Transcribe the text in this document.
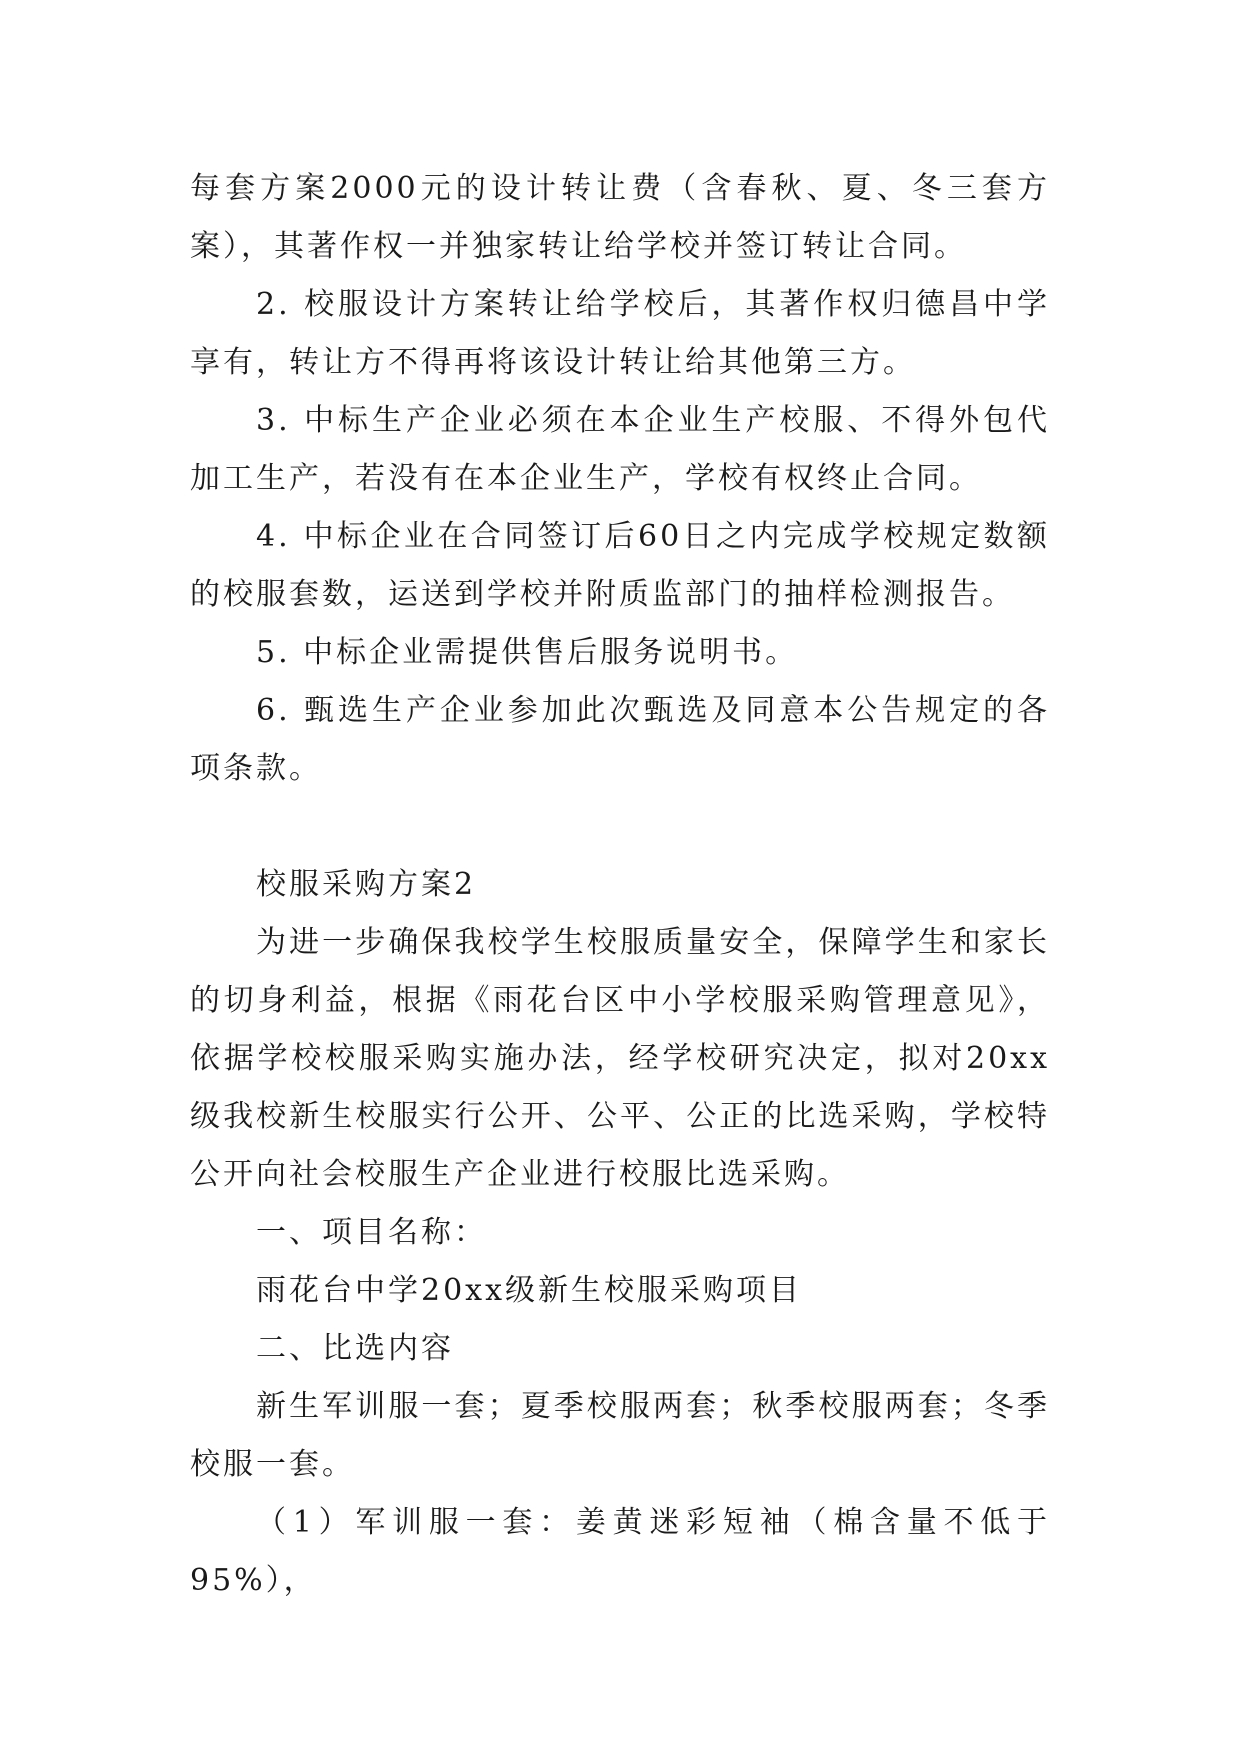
每套方案2000元的设计转让费（含春秋、夏、冬三套方案），其著作权一并独家转让给学校并签订转让合同。

2. 校服设计方案转让给学校后，其著作权归德昌中学享有，转让方不得再将该设计转让给其他第三方。

3. 中标生产企业必须在本企业生产校服、不得外包代加工生产，若没有在本企业生产，学校有权终止合同。

4. 中标企业在合同签订后60日之内完成学校规定数额的校服套数，运送到学校并附质监部门的抽样检测报告。

5. 中标企业需提供售后服务说明书。

6. 甄选生产企业参加此次甄选及同意本公告规定的各项条款。

校服采购方案2

为进一步确保我校学生校服质量安全，保障学生和家长的切身利益，根据《雨花台区中小学校服采购管理意见》，依据学校校服采购实施办法，经学校研究决定，拟对20xx级我校新生校服实行公开、公平、公正的比选采购，学校特公开向社会校服生产企业进行校服比选采购。

一、项目名称：

雨花台中学20xx级新生校服采购项目

二、比选内容

新生军训服一套；夏季校服两套；秋季校服两套；冬季校服一套。

（1）军训服一套：姜黄迷彩短袖（棉含量不低于95%），
